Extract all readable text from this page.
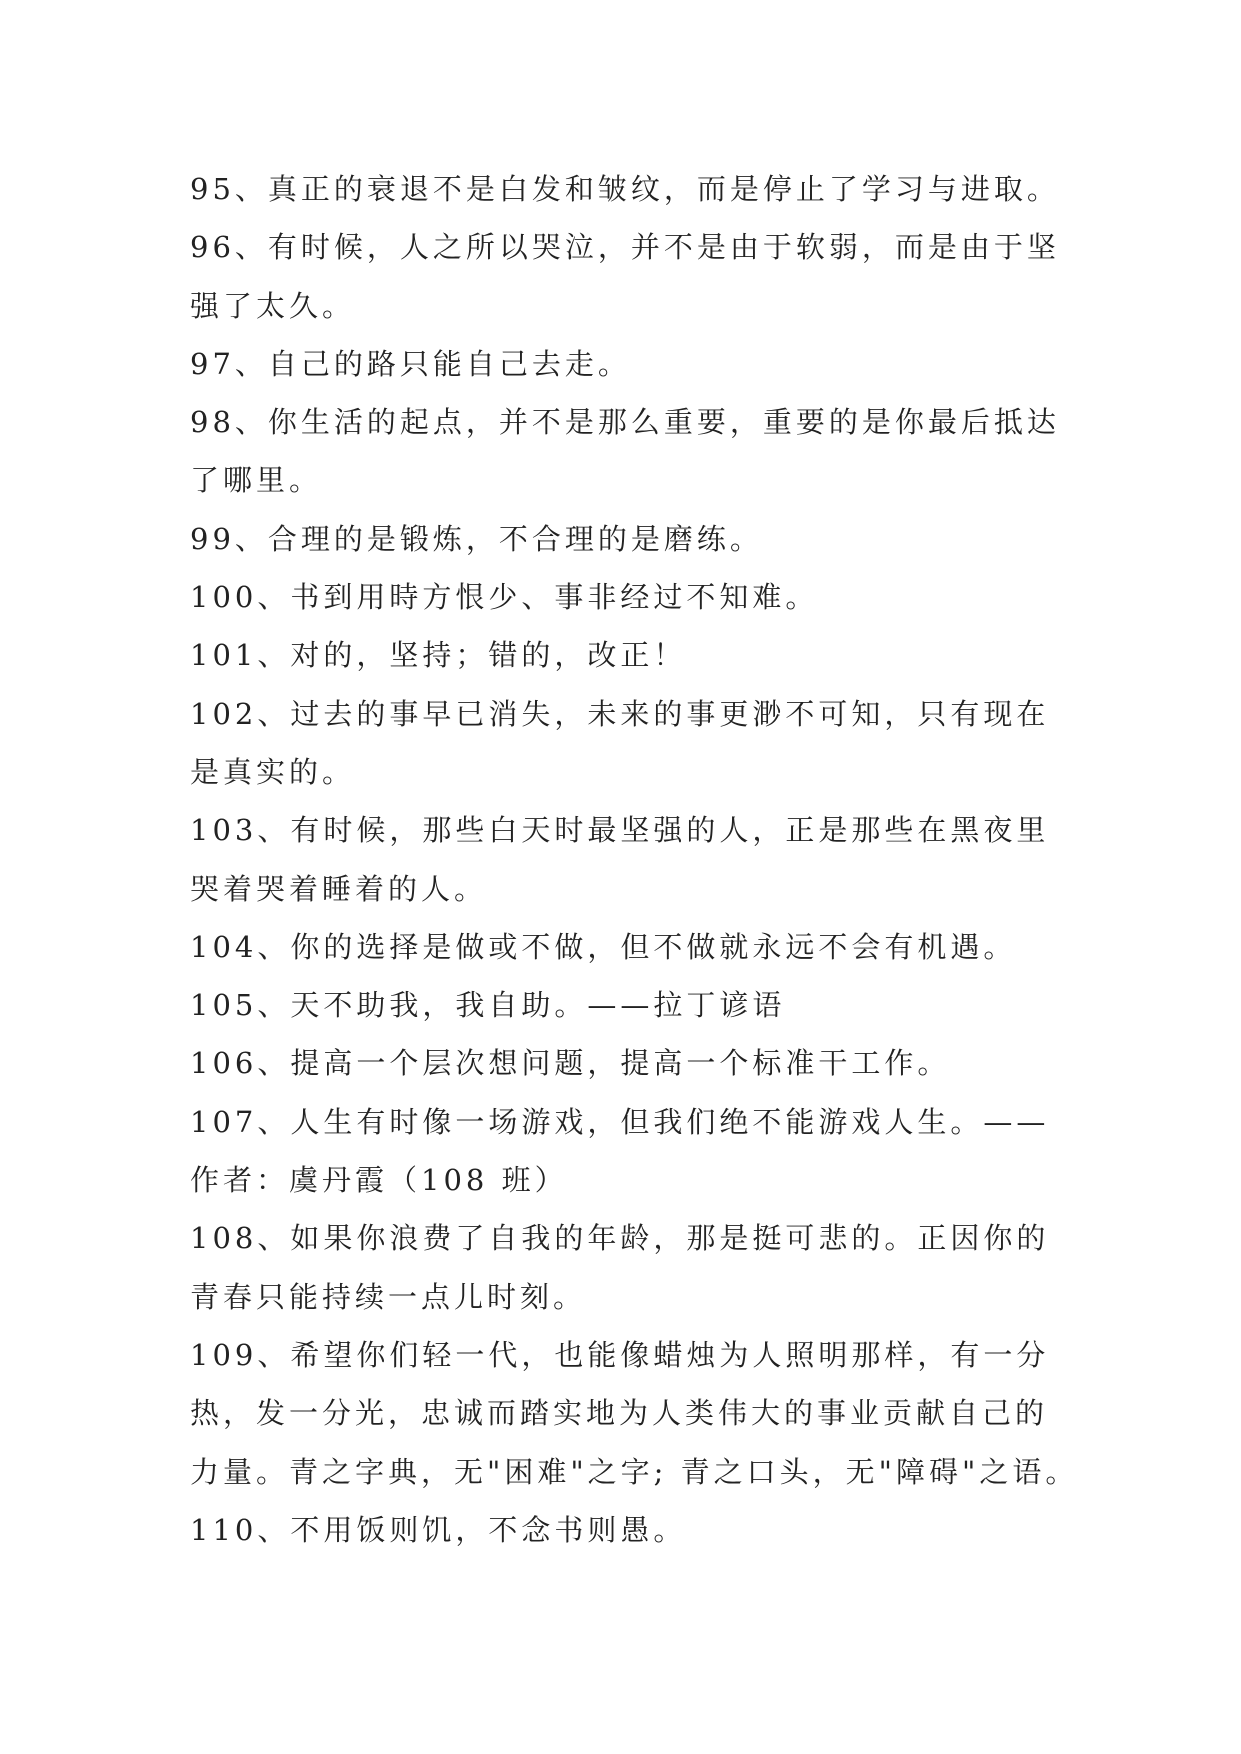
95、真正的衰退不是白发和皱纹，而是停止了学习与进取。
96、有时候，人之所以哭泣，并不是由于软弱，而是由于坚
强了太久。
97、自己的路只能自己去走。
98、你生活的起点，并不是那么重要，重要的是你最后抵达
了哪里。
99、合理的是锻炼，不合理的是磨练。
100、书到用時方恨少、事非经过不知难。
101、对的，坚持；错的，改正！
102、过去的事早已消失，未来的事更渺不可知，只有现在
是真实的。
103、有时候，那些白天时最坚强的人，正是那些在黑夜里
哭着哭着睡着的人。
104、你的选择是做或不做，但不做就永远不会有机遇。
105、天不助我，我自助。——拉丁谚语
106、提高一个层次想问题，提高一个标准干工作。
107、人生有时像一场游戏，但我们绝不能游戏人生。——
作者：虞丹霞（108 班）
108、如果你浪费了自我的年龄，那是挺可悲的。正因你的
青春只能持续一点儿时刻。
109、希望你们轻一代，也能像蜡烛为人照明那样，有一分
热，发一分光，忠诚而踏实地为人类伟大的事业贡献自己的
力量。青之字典，无"困难"之字; 青之口头，无"障碍"之语。
110、不用饭则饥，不念书则愚。
